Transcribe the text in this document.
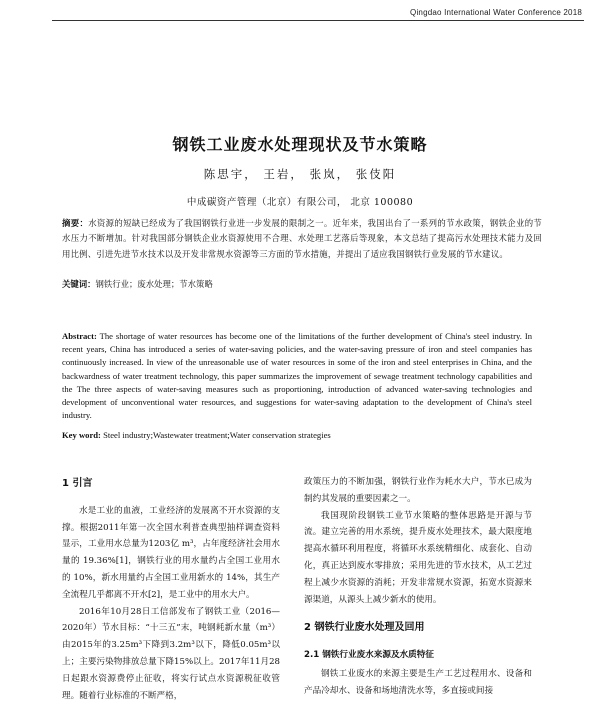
Qingdao International Water Conference 2018
钢铁工业废水处理现状及节水策略
陈思宇， 王岩， 张岚， 张伎阳
中成碳资产管理（北京）有限公司， 北京 100080
摘要：水资源的短缺已经成为了我国钢铁行业进一步发展的限制之一。近年来，我国出台了一系列的节水政策，钢铁企业的节水压力不断增加。针对我国部分钢铁企业水资源使用不合理、水处理工艺落后等现象，本文总结了提高污水处理技术能力及回用比例、引进先进节水技术以及开发非常规水资源等三方面的节水措施，并提出了适应我国钢铁行业发展的节水建议。
关键词：钢铁行业；废水处理；节水策略
Abstract: The shortage of water resources has become one of the limitations of the further development of China's steel industry. In recent years, China has introduced a series of water-saving policies, and the water-saving pressure of iron and steel companies has continuously increased. In view of the unreasonable use of water resources in some of the iron and steel enterprises in China, and the backwardness of water treatment technology, this paper summarizes the improvement of sewage treatment technology capabilities and the The three aspects of water-saving measures such as proportioning, introduction of advanced water-saving technologies and development of unconventional water resources, and suggestions for water-saving adaptation to the development of China's steel industry.
Key word: Steel industry;Wastewater treatment;Water conservation strategies
1 引言

水是工业的血液，工业经济的发展离不开水资源的支撑。根据2011年第一次全国水利普查典型抽样调查资料显示，工业用水总量为1203亿 m³，占年度经济社会用水量的 19.36%[1]，钢铁行业的用水量约占全国工业用水的 10%，新水用量约占全国工业用新水的 14%，其生产全流程几乎都离不开水[2]，是工业中的用水大户。

2016年10月28日工信部发布了钢铁工业（2016—2020年）节水目标：“十三五”末，吨钢耗新水量（m³）由2015年的3.25m³下降到3.2m³以下，降低0.05m³以上；主要污染物排放总量下降15%以上。2017年11月28日起跟水资源费停止征收，将实行试点水资源税征收管理。随着行业标准的不断严格，

政策压力的不断加强，钢铁行业作为耗水大户，节水已成为制约其发展的重要因素之一。

我国现阶段钢铁工业节水策略的整体思路是开源与节流。建立完善的用水系统，提升废水处理技术，最大限度地提高水循环利用程度，将循环水系统精细化、成套化、自动化，真正达到废水零排放；采用先进的节水技术，从工艺过程上减少水资源的消耗；开发非常规水资源，拓宽水资源来源渠道，从源头上减少新水的使用。

2 钢铁行业废水处理及回用
2.1 钢铁行业废水来源及水质特征

钢铁工业废水的来源主要是生产工艺过程用水、设备和产品冷却水、设备和场地清洗水等，多直接或间接
